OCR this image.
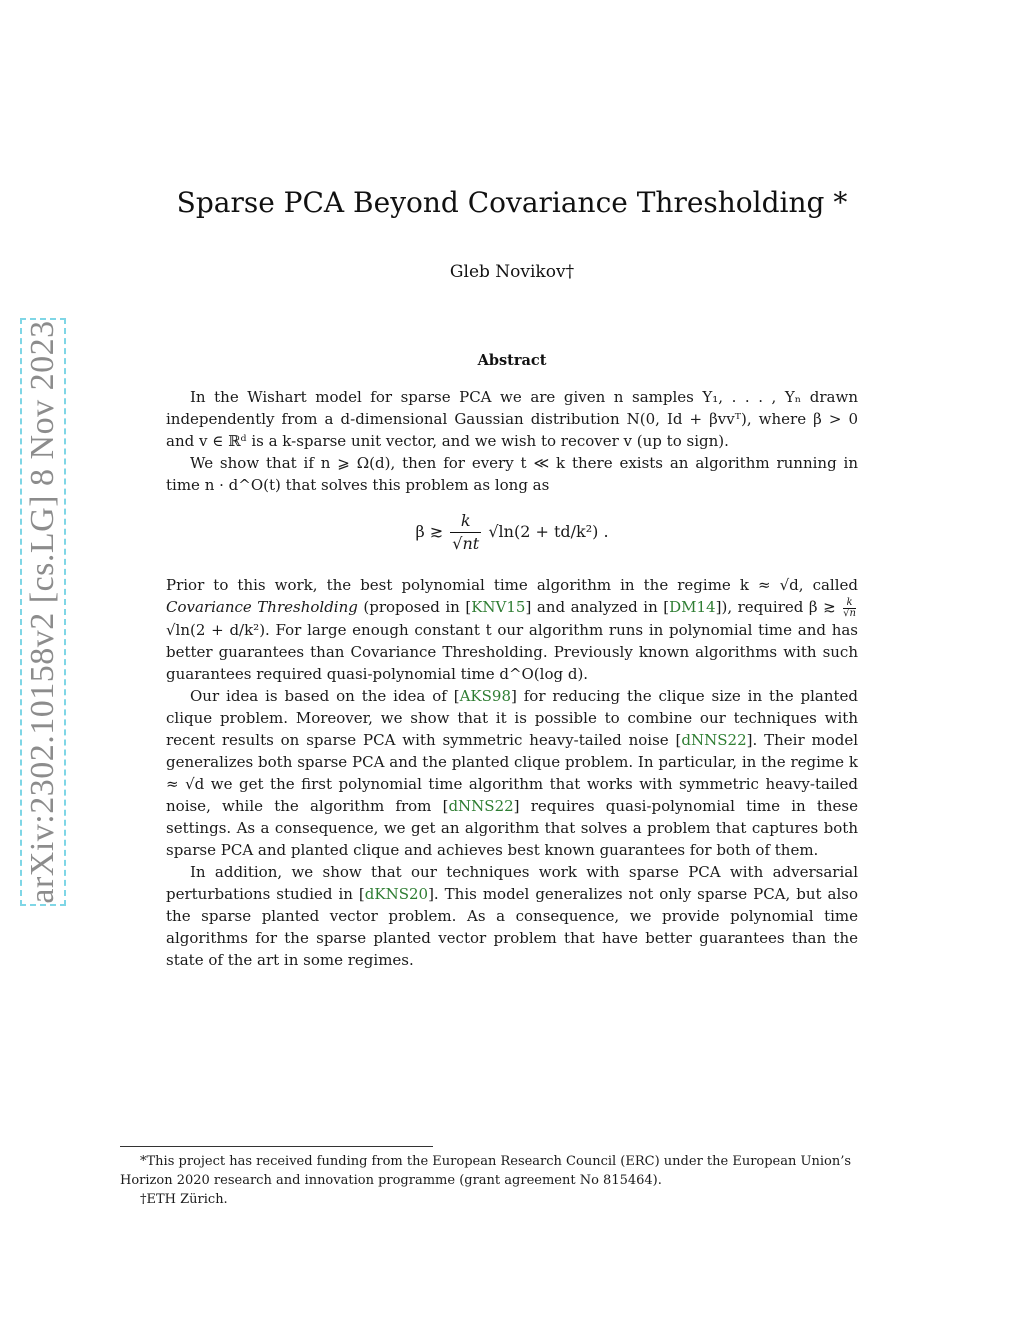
arXiv:2302.10158v2 [cs.LG] 8 Nov 2023
Sparse PCA Beyond Covariance Thresholding *
Gleb Novikov†
Abstract

In the Wishart model for sparse PCA we are given n samples Y₁, . . . , Yₙ drawn independently from a d-dimensional Gaussian distribution N(0, Id + βvvᵀ), where β > 0 and v ∈ ℝᵈ is a k-sparse unit vector, and we wish to recover v (up to sign).

We show that if n ⩾ Ω(d), then for every t ≪ k there exists an algorithm running in time n · d^O(t) that solves this problem as long as

β ≳ $\frac{k}{√nt} √\ln(2 + td/k^2)$ .

Prior to this work, the best polynomial time algorithm in the regime k ≈ √d, called Covariance Thresholding (proposed in [KNV15] and analyzed in [DM14]), required β ≳ $\frac{k}{√n}$
√ln(2 + d/k²). For large enough constant t our algorithm runs in polynomial time and has better guarantees than Covariance Thresholding. Previously known algorithms with such guarantees required quasi-polynomial time d^O(log d).

Our idea is based on the idea of [AKS98] for reducing the clique size in the planted clique problem. Moreover, we show that it is possible to combine our techniques with recent results on sparse PCA with symmetric heavy-tailed noise [dNNS22]. Their model generalizes both sparse PCA and the planted clique problem. In particular, in the regime k ≈ √d we get the first polynomial time algorithm that works with symmetric heavy-tailed noise, while the algorithm from [dNNS22] requires quasi-polynomial time in these settings. As a consequence, we get an algorithm that solves a problem that captures both sparse PCA and planted clique and achieves best known guarantees for both of them.

In addition, we show that our techniques work with sparse PCA with adversarial perturbations studied in [dKNS20]. This model generalizes not only sparse PCA, but also the sparse planted vector problem. As a consequence, we provide polynomial time algorithms for the sparse planted vector problem that have better guarantees than the state of the art in some regimes.

*This project has received funding from the European Research Council (ERC) under the European Union’s Horizon 2020 research and innovation programme (grant agreement No 815464).

†ETH Zürich.
